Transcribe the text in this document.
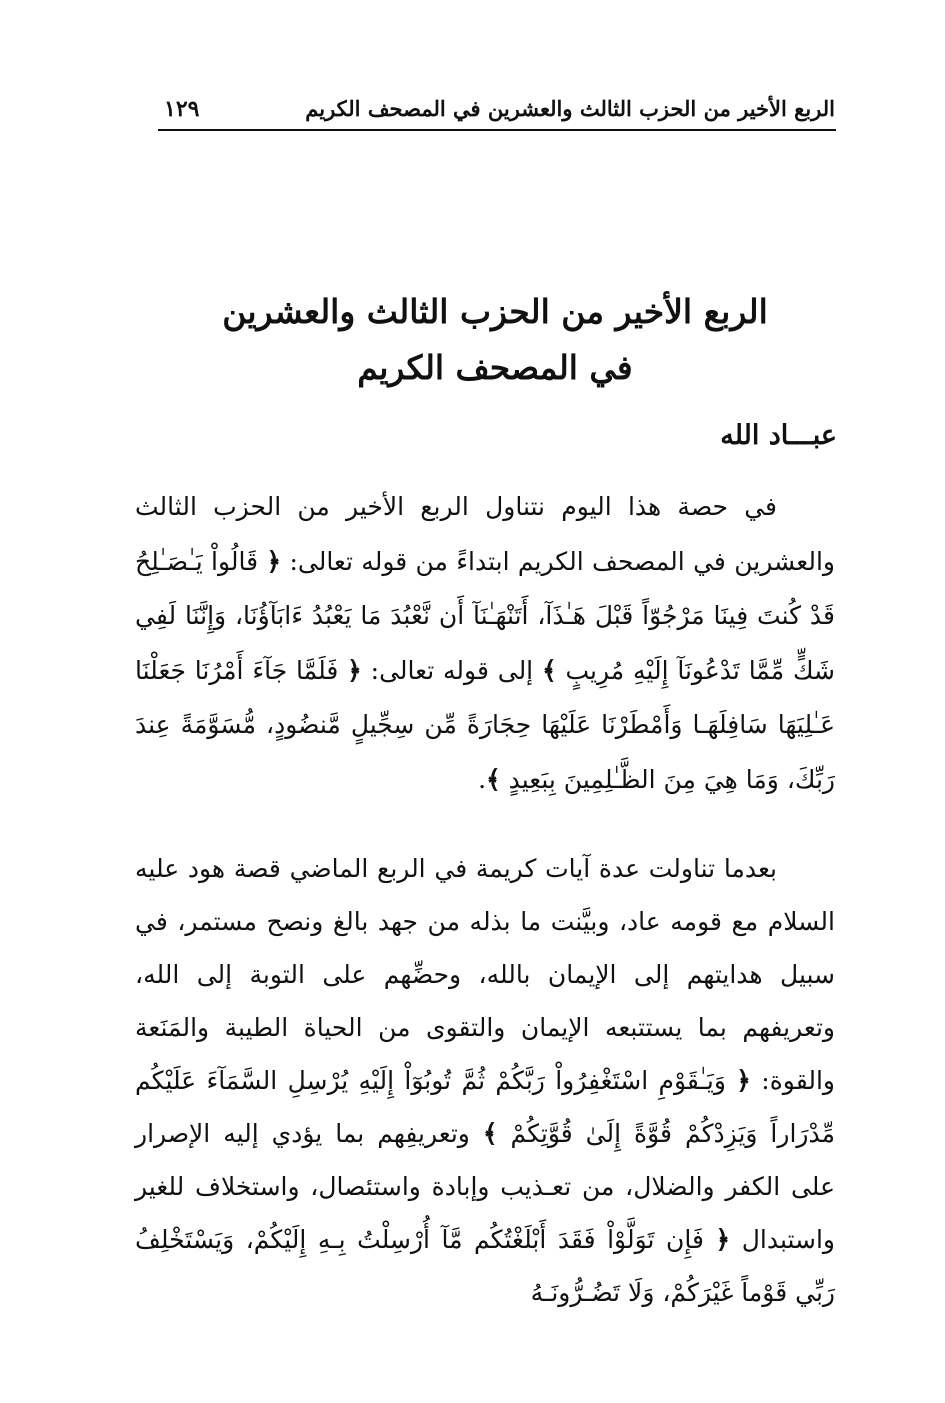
الربع الأخير من الحزب الثالث والعشرين في المصحف الكريم
١٢٩
الربع الأخير من الحزب الثالث والعشرين
في المصحف الكريم
عبـــاد الله

في حصة هذا اليوم نتناول الربع الأخير من الحزب الثالث والعشرين في المصحف الكريم ابتداءً من قوله تعالى: ﴿ قَالُواْ يَـٰصَـٰلِحُ قَدْ كُنتَ فِينَا مَرْجُوّاً قَبْلَ هَـٰذَآ، أَتَنْهَـٰنَآ أَن نَّعْبُدَ مَا يَعْبُدُ ءَابَآؤُنَا، وَإِنَّنَا لَفِي شَكٍّ مِّمَّا تَدْعُونَآ إِلَيْهِ مُرِيبٍ ﴾ إلى قوله تعالى: ﴿ فَلَمَّا جَآءَ أَمْرُنَا جَعَلْنَا عَـٰلِيَهَا سَافِلَهَـا وَأَمْطَرْنَا عَلَيْهَا حِجَارَةً مِّن سِجِّيلٍ مَّنضُودٍ، مُّسَوَّمَةً عِندَ رَبِّكَ، وَمَا هِيَ مِنَ الظَّـٰلِمِينَ بِبَعِيدٍ ﴾.

بعدما تناولت عدة آيات كريمة في الربع الماضي قصة هود عليه السلام مع قومه عاد، وبيَّنت ما بذله من جهد بالغ ونصح مستمر، في سبيل هدايتهم إلى الإيمان بالله، وحضِّهم على التوبة إلى الله، وتعريفهم بما يستتبعه الإيمان والتقوى من الحياة الطيبة والمَنَعة والقوة: ﴿ وَيَـٰقَوْمِ اسْتَغْفِرُواْ رَبَّكُمْ ثُمَّ تُوبُوٓاْ إِلَيْهِ يُرْسِلِ السَّمَآءَ عَلَيْكُم مِّدْرَاراً وَيَزِدْكُمْ قُوَّةً إِلَىٰ قُوَّتِكُمْ ﴾ وتعريفِهم بما يؤدي إليه الإصرار على الكفر والضلال، من تعـذيب وإبادة واستئصال، واستخلاف للغير واستبدال ﴿ فَإِن تَوَلَّوْاْ فَقَدَ أَبْلَغْتُكُم مَّآ أُرْسِلْتُ بِـهِ إِلَيْكُمْ، وَيَسْتَخْلِفُ رَبِّي قَوْماً غَيْرَكُمْ، وَلَا تَضُـرُّونَـهُ
